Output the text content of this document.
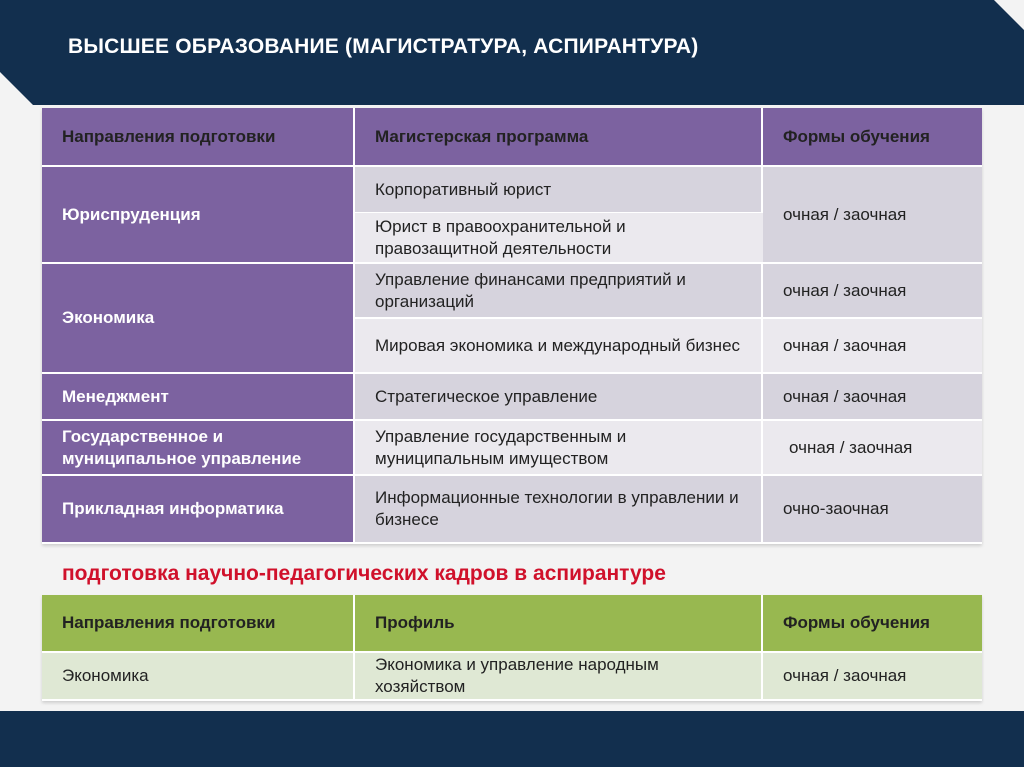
ВЫСШЕЕ ОБРАЗОВАНИЕ (МАГИСТРАТУРА, АСПИРАНТУРА)
Направления подготовки	Магистерская программа	Формы обучения
Юриспруденция	Корпоративный юрист	очная / заочная
	Юрист в правоохранительной и правозащитной деятельности	
Экономика	Управление финансами предприятий и организаций	очная / заочная
	Мировая экономика и международный бизнес	очная / заочная
Менеджмент	Стратегическое управление	очная / заочная
Государственное и муниципальное управление	Управление государственным и муниципальным имуществом	очная / заочная
Прикладная информатика	Информационные технологии в управлении и бизнесе	очно-заочная
подготовка научно-педагогических кадров в аспирантуре
Направления подготовки	Профиль	Формы обучения
Экономика	Экономика и управление народным хозяйством	очная / заочная
